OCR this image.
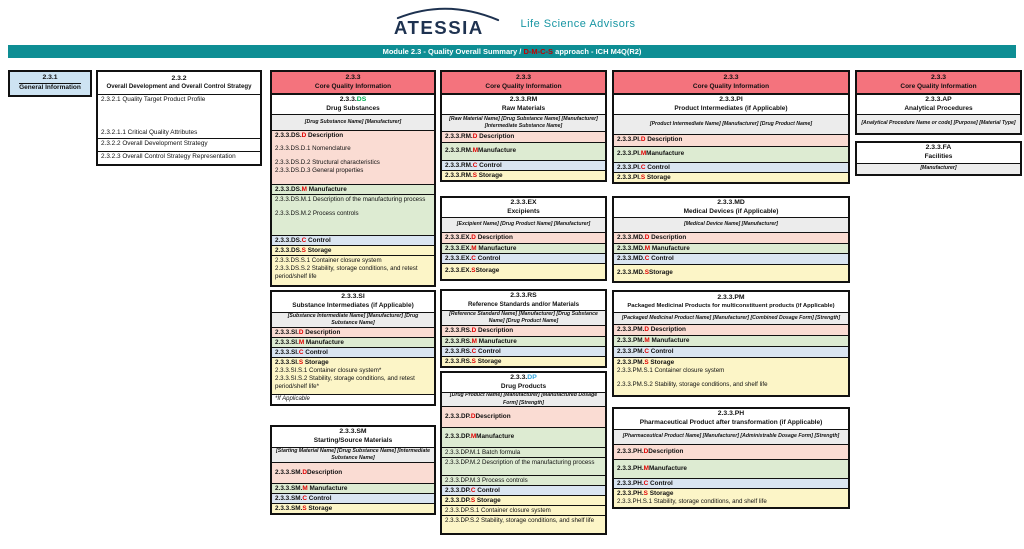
ATESSIA	Life Science Advisors
Module 2.3 - Quality Overall Summary / D-M-C-S approach - ICH M4Q(R2)
2.3.1
General Information
2.3.2
Overall Development and Overall Control Strategy
2.3.2.1 Quality Target Product Profile
2.3.2.1.1 Critical Quality Attributes
2.3.2.2 Overall Development Strategy
2.3.2.3 Overall Control Strategy Representation
2.3.3
Core Quality Information
2.3.3.DS
Drug Substances
[Drug Substance Name] [Manufacturer]
2.3.3.DS.D Description
2.3.3.DS.D.1 Nomenclature
2.3.3.DS.D.2 Structural characteristics
2.3.3.DS.D.3 General properties
2.3.3.DS.M Manufacture
2.3.3.DS.M.1 Description of the manufacturing process
2.3.3.DS.M.2 Process controls
2.3.3.DS.C Control
2.3.3.DS.S Storage
2.3.3.DS.S.1 Container closure system
2.3.3.DS.S.2 Stability, storage conditions, and retest period/shelf life
2.3.3.SI
Substance Intermediates (if Applicable)
[Substance Intermediate Name] [Manufacturer] [Drug Substance Name]
2.3.3.SI.D Description
2.3.3.SI.M Manufacture
2.3.3.SI.C Control
2.3.3.SI.S Storage
2.3.3.SI.S.1 Container closure system*
2.3.3.SI.S.2 Stability, storage conditions, and retest period/shelf life*
*If Applicable
2.3.3.SM
Starting/Source Materials
[Starting Material Name] [Drug Substance Name] [Intermediate Substance Name]
2.3.3.SM. D Description
2.3.3.SM.M Manufacture
2.3.3.SM.C Control
2.3.3.SM.S Storage
2.3.3
Core Quality Information
2.3.3.RM
Raw Materials
[Raw Material Name] [Drug Substance Name] [Manufacturer] [Intermediate Substance Name]
2.3.3.RM.D Description
2.3.3.RM. M Manufacture
2.3.3.RM.C Control
2.3.3.RM.S Storage
2.3.3.EX
Excipients
[Excipient Name] [Drug Product Name] [Manufacturer]
2.3.3.EX.D Description
2.3.3.EX.M Manufacture
2.3.3.EX.C Control
2.3.3.EX. S Storage
2.3.3.RS
Reference Standards and/or Materials
[Reference Standard Name] [Manufacturer] [Drug Substance Name] [Drug Product Name]
2.3.3.RS.D Description
2.3.3.RS.M Manufacture
2.3.3.RS.C Control
2.3.3.RS.S Storage
2.3.3.DP
Drug Products
[Drug Product Name] [Manufacturer] [Manufactured Dosage Form] [Strength]
2.3.3.DP. D Description
2.3.3.DP. M Manufacture
2.3.3.DP.M.1 Batch formula
2.3.3.DP.M.2 Description of the manufacturing process
2.3.3.DP.M.3 Process controls
2.3.3.DP.C Control
2.3.3.DP.S Storage
2.3.3.DP.S.1 Container closure system
2.3.3.DP.S.2 Stability, storage conditions, and shelf life
2.3.3
Core Quality Information
2.3.3.PI
Product Intermediates (if Applicable)
[Product Intermediate Name] [Manufacturer] [Drug Product Name]
2.3.3.PI.D Description
2.3.3.PI. M Manufacture
2.3.3.PI.C Control
2.3.3.PI.S Storage
2.3.3.MD
Medical Devices (if Applicable)
[Medical Device Name] [Manufacturer]
2.3.3.MD.D Description
2.3.3.MD.M Manufacture
2.3.3.MD.C Control
2.3.3.MD. S Storage
2.3.3.PM
Packaged Medicinal Products for multiconstituent products (if Applicable)
[Packaged Medicinal Product Name] [Manufacturer] [Combined Dosage Form] [Strength]
2.3.3.PM.D Description
2.3.3.PM.M Manufacture
2.3.3.PM.C Control
2.3.3.PM.S Storage
2.3.3.PM.S.1 Container closure system
2.3.3.PM.S.2 Stability, storage conditions, and shelf life
2.3.3.PH
Pharmaceutical Product after transformation (if Applicable)
[Pharmaceutical Product Name] [Manufacturer] [Administrable Dosage Form] [Strength]
2.3.3.PH. D Description
2.3.3.PH. M Manufacture
2.3.3.PH.C Control
2.3.3.PH.S Storage
2.3.3.PH.S.1 Stability, storage conditions, and shelf life
2.3.3
Core Quality Information
2.3.3.AP
Analytical Procedures
[Analytical Procedure Name or code] [Purpose] [Material Type]
2.3.3.FA
Facilities
[Manufacturer]
